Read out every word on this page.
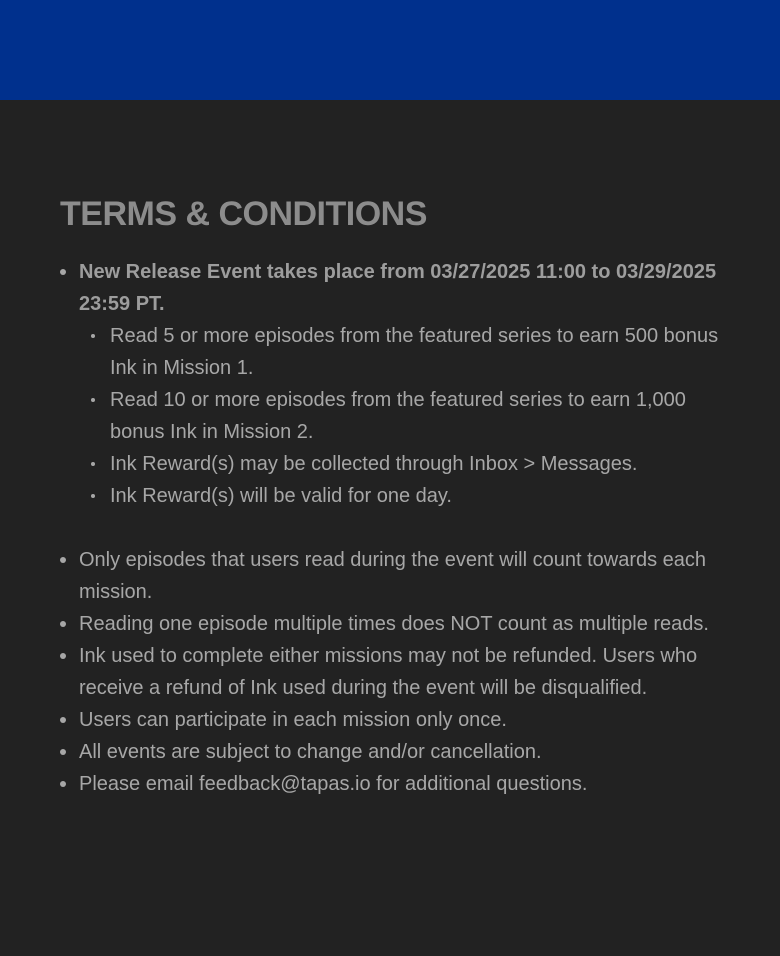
TERMS & CONDITIONS
New Release Event takes place from 03/27/2025 11:00 to 03/29/2025 23:59 PT.
Read 5 or more episodes from the featured series to earn 500 bonus Ink in Mission 1.
Read 10 or more episodes from the featured series to earn 1,000 bonus Ink in Mission 2.
Ink Reward(s) may be collected through Inbox > Messages.
Ink Reward(s) will be valid for one day.
Only episodes that users read during the event will count towards each mission.
Reading one episode multiple times does NOT count as multiple reads.
Ink used to complete either missions may not be refunded. Users who receive a refund of Ink used during the event will be disqualified.
Users can participate in each mission only once.
All events are subject to change and/or cancellation.
Please email feedback@tapas.io for additional questions.
